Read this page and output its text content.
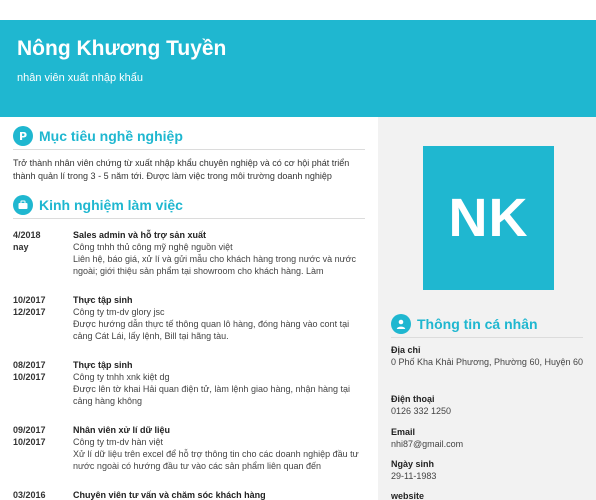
Nông Khương Tuyền
nhân viên xuất nhập khẩu
P Mục tiêu nghề nghiệp
Trở thành nhân viên chứng từ xuất nhập khẩu chuyên nghiệp và có cơ hội phát triển thành quản lí trong 3 - 5 năm tới. Được làm việc trong môi trường doanh nghiệp
Kinh nghiệm làm việc
4/2018
nay
Sales admin và hỗ trợ sản xuất
Công tnhh thủ công mỹ nghệ nguồn việt
Liên hệ, báo giá, xử lí và gửi mẫu cho khách hàng trong nước và nước ngoài; giới thiệu sản phẩm tại showroom cho khách hàng. Làm
10/2017
12/2017
Thực tập sinh
Công ty tm-dv glory jsc
Được hướng dẫn thực tế thông quan lô hàng, đóng hàng vào cont tại cảng Cát Lái, lấy lệnh, Bill tại hãng tàu.
08/2017
10/2017
Thực tập sinh
Công ty tnhh xnk kiệt dg
Được lên tờ khai Hải quan điện tử, làm lệnh giao hàng, nhận hàng tại cảng hàng không
09/2017
10/2017
Nhân viên xử lí dữ liệu
Công ty tm-dv hàn việt
Xử lí dữ liệu trên excel để hỗ trợ thông tin cho các doanh nghiệp đầu tư nước ngoài có hướng đầu tư vào các sản phẩm liên quan đến
03/2016	Chuyên viên tư vấn và chăm sóc khách hàng
NK
Thông tin cá nhân
Địa chỉ
0 Phố Kha Khải Phương, Phường 60, Huyện 60
Điện thoại
0126 332 1250
Email
nhi87@gmail.com
Ngày sinh
29-11-1983
website
